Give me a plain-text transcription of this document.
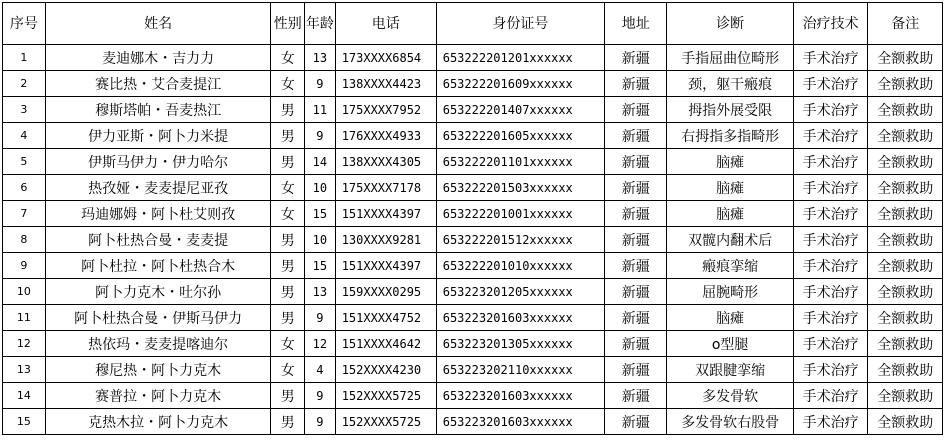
序号	姓名	性别	年龄	电话	身份证号	地址	诊断	治疗技术	备注
1	麦迪娜木・吉力力	女	13	173XXXX6854	653222201201xxxxxx	新疆	手指屈曲位畸形	手术治疗	全额救助
2	赛比热・艾合麦提江	女	9	138XXXX4423	653222201609xxxxxx	新疆	颈，躯干瘢痕	手术治疗	全额救助
3	穆斯塔帕・吾麦热江	男	11	175XXXX7952	653222201407xxxxxx	新疆	拇指外展受限	手术治疗	全额救助
4	伊力亚斯・阿卜力米提	男	9	176XXXX4933	653222201605xxxxxx	新疆	右拇指多指畸形	手术治疗	全额救助
5	伊斯马伊力・伊力哈尔	男	14	138XXXX4305	653222201101xxxxxx	新疆	脑瘫	手术治疗	全额救助
6	热孜娅・麦麦提尼亚孜	女	10	175XXXX7178	653222201503xxxxxx	新疆	脑瘫	手术治疗	全额救助
7	玛迪娜姆・阿卜杜艾则孜	女	15	151XXXX4397	653222201001xxxxxx	新疆	脑瘫	手术治疗	全额救助
8	阿卜杜热合曼・麦麦提	男	10	130XXXX9281	653222201512xxxxxx	新疆	双髋内翻术后	手术治疗	全额救助
9	阿卜杜拉・阿卜杜热合木	男	15	151XXXX4397	653222201010xxxxxx	新疆	瘢痕挛缩	手术治疗	全额救助
10	阿卜力克木・吐尔孙	男	13	159XXXX0295	653223201205xxxxxx	新疆	屈腕畸形	手术治疗	全额救助
11	阿卜杜热合曼・伊斯马伊力	男	9	151XXXX4752	653223201603xxxxxx	新疆	脑瘫	手术治疗	全额救助
12	热依玛・麦麦提喀迪尔	女	12	151XXXX4642	653223201305xxxxxx	新疆	o型腿	手术治疗	全额救助
13	穆尼热・阿卜力克木	女	4	152XXXX4230	653223202110xxxxxx	新疆	双跟腱挛缩	手术治疗	全额救助
14	赛普拉・阿卜力克木	男	9	152XXXX5725	653223201603xxxxxx	新疆	多发骨软	手术治疗	全额救助
15	克热木拉・阿卜力克木	男	9	152XXXX5725	653223201603xxxxxx	新疆	多发骨软右股骨	手术治疗	全额救助
